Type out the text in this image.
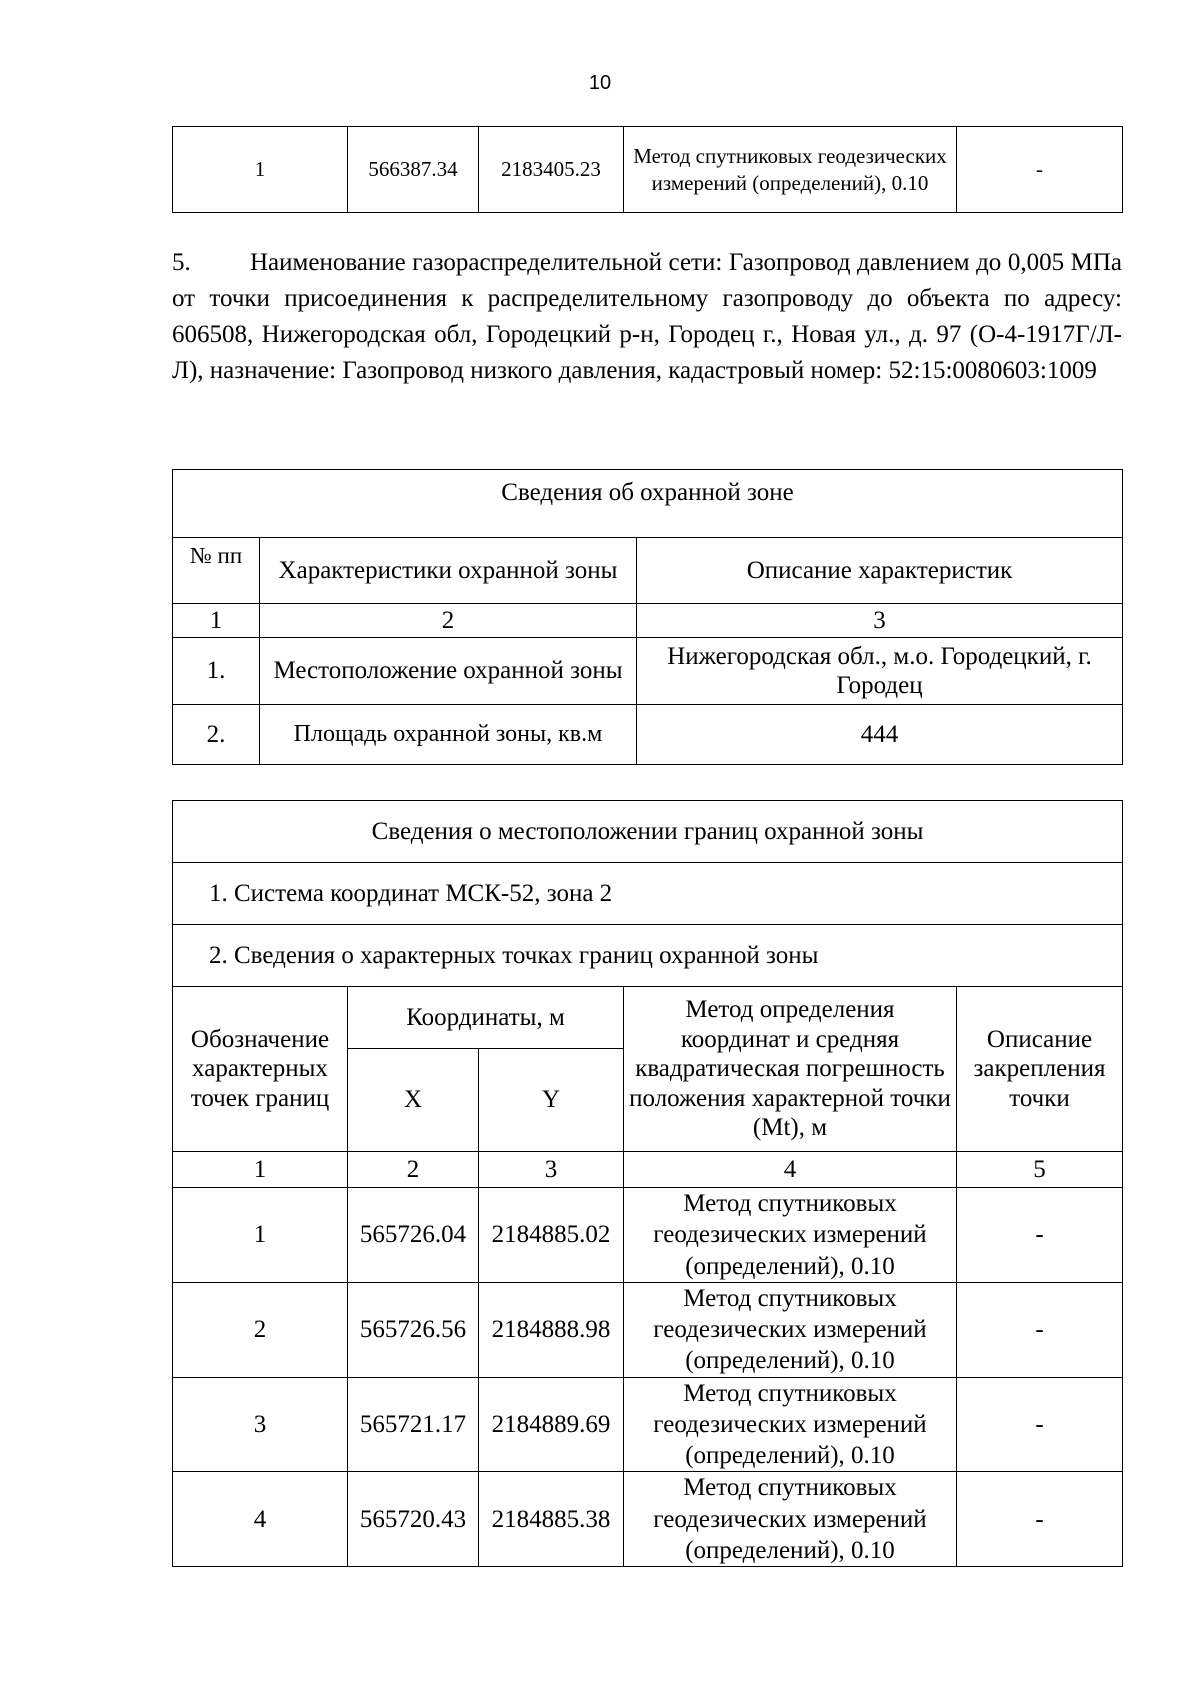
10
1	566387.34	2183405.23	Метод спутниковых геодезических измерений (определений), 0.10	-

5. Наименование газораспределительной сети: Газопровод давлением до 0,005 МПа от точки присоединения к распределительному газопроводу до объекта по адресу: 606508, Нижегородская обл, Городецкий р-н, Городец г., Новая ул., д. 97 (О-4-1917Г/Л-Л), назначение: Газопровод низкого давления, кадастровый номер: 52:15:0080603:1009

Сведения об охранной зоне		
№ пп	Характеристики охранной зоны	Описание характеристик
1	2	3
1.	Местоположение охранной зоны	Нижегородская обл., м.о. Городецкий, г. Городец
2.	Площадь охранной зоны, кв.м	444
Сведения о местоположении границ охранной зоны				
1. Система координат МСК-52, зона 2				
2. Сведения о характерных точках границ охранной зоны				
Обозначение характерных точек границ	Координаты, м		Метод определения координат и средняя квадратическая погрешность положения характерной точки (Mt), м	Описание закрепления точки
	X	Y		
1	2	3	4	5
1	565726.04	2184885.02	Метод спутниковых геодезических измерений (определений), 0.10	-
2	565726.56	2184888.98	Метод спутниковых геодезических измерений (определений), 0.10	-
3	565721.17	2184889.69	Метод спутниковых геодезических измерений (определений), 0.10	-
4	565720.43	2184885.38	Метод спутниковых геодезических измерений (определений), 0.10	-
